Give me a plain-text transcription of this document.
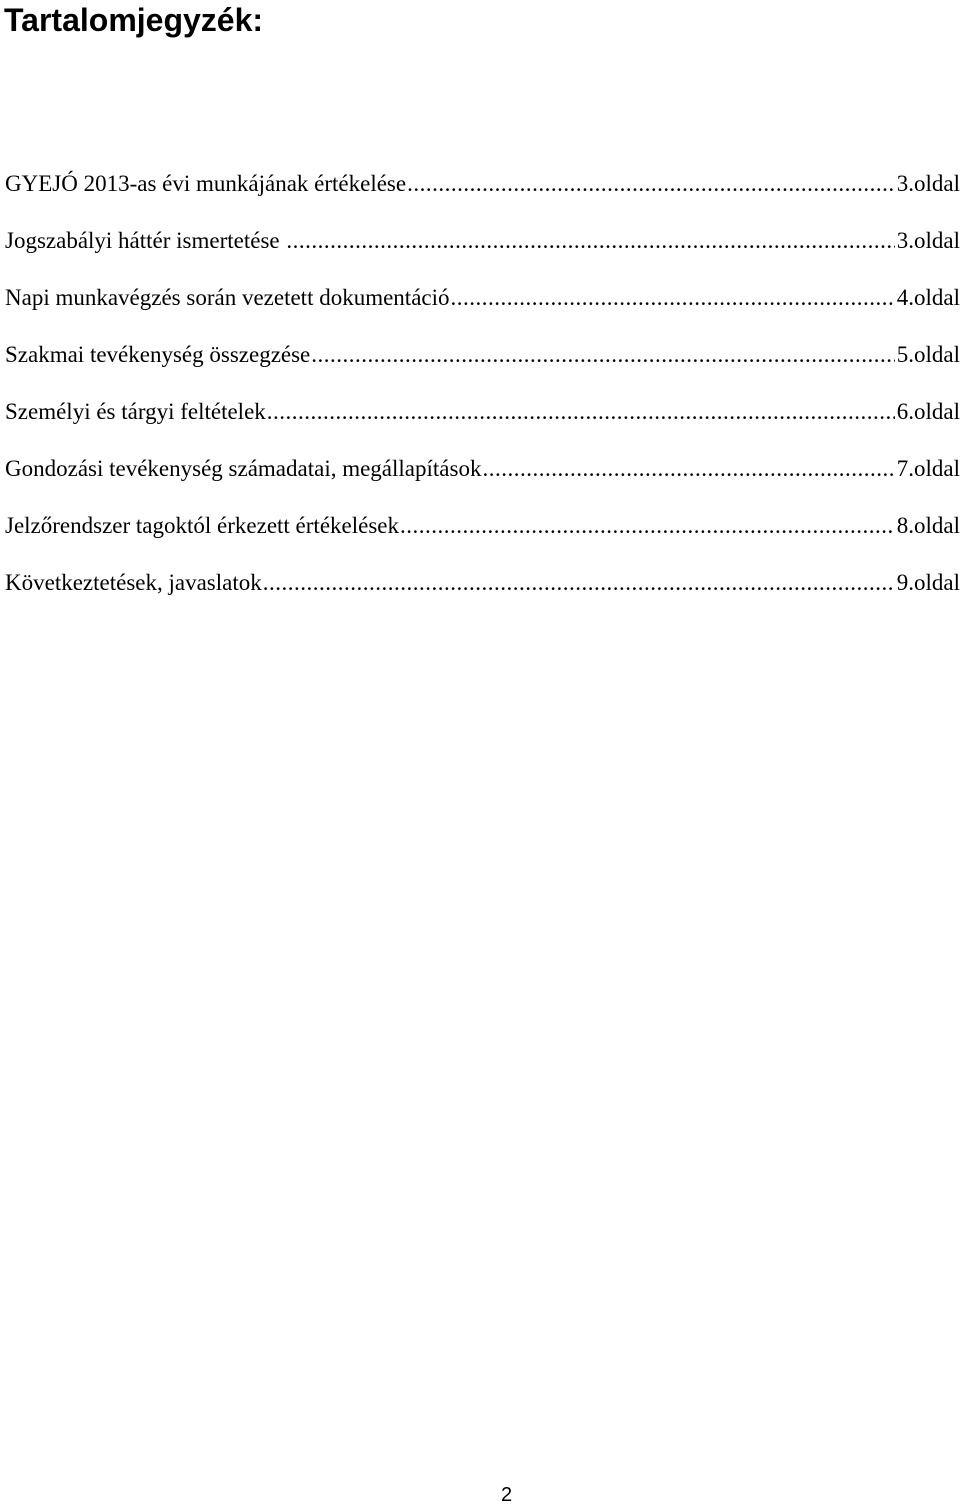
Tartalomjegyzék:
GYEJÓ 2013-as évi munkájának értékelése .....	3.oldal
Jogszabályi háttér ismertetése .....	3.oldal
Napi munkavégzés során vezetett dokumentáció .....	4.oldal
Szakmai tevékenység összegzése .....	5.oldal
Személyi és tárgyi feltételek .....	6.oldal
Gondozási tevékenység számadatai, megállapítások .....	7.oldal
Jelzőrendszer tagoktól érkezett értékelések .....	8.oldal
Következtetések, javaslatok .....	9.oldal
2
